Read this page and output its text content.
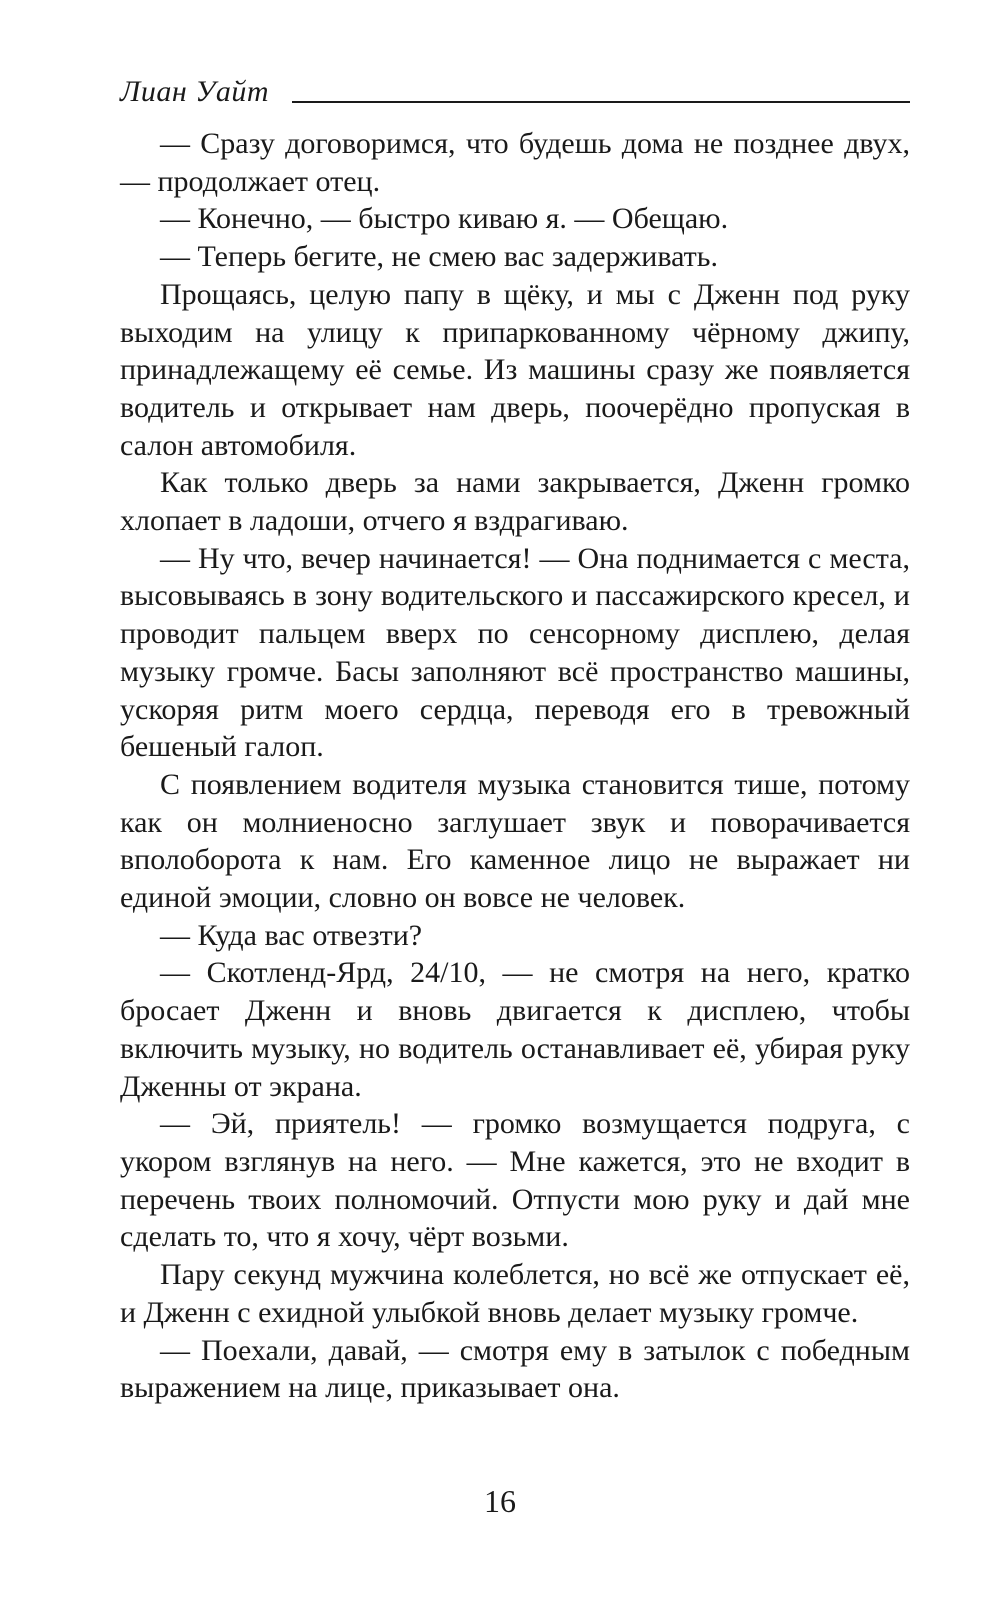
Лиан Уайт

— Сразу договоримся, что будешь дома не позднее двух, — продолжает отец.

— Конечно, — быстро киваю я. — Обещаю.

— Теперь бегите, не смею вас задерживать.

Прощаясь, целую папу в щёку, и мы с Дженн под руку выходим на улицу к припаркованному чёрному джипу, принадлежащему её семье. Из машины сразу же появляется водитель и открывает нам дверь, поочерёдно пропуская в салон автомобиля.

Как только дверь за нами закрывается, Дженн громко хлопает в ладоши, отчего я вздрагиваю.

— Ну что, вечер начинается! — Она поднимается с места, высовываясь в зону водительского и пассажирского кресел, и проводит пальцем вверх по сенсорному дисплею, делая музыку громче. Басы заполняют всё пространство машины, ускоряя ритм моего сердца, переводя его в тревожный бешеный галоп.

С появлением водителя музыка становится тише, потому как он молниеносно заглушает звук и поворачивается вполоборота к нам. Его каменное лицо не выражает ни единой эмоции, словно он вовсе не человек.

— Куда вас отвезти?

— Скотленд-Ярд, 24/10, — не смотря на него, кратко бросает Дженн и вновь двигается к дисплею, чтобы включить музыку, но водитель останавливает её, убирая руку Дженны от экрана.

— Эй, приятель! — громко возмущается подруга, с укором взглянув на него. — Мне кажется, это не входит в перечень твоих полномочий. Отпусти мою руку и дай мне сделать то, что я хочу, чёрт возьми.

Пару секунд мужчина колеблется, но всё же отпускает её, и Дженн с ехидной улыбкой вновь делает музыку громче.

— Поехали, давай, — смотря ему в затылок с победным выражением на лице, приказывает она.

16
